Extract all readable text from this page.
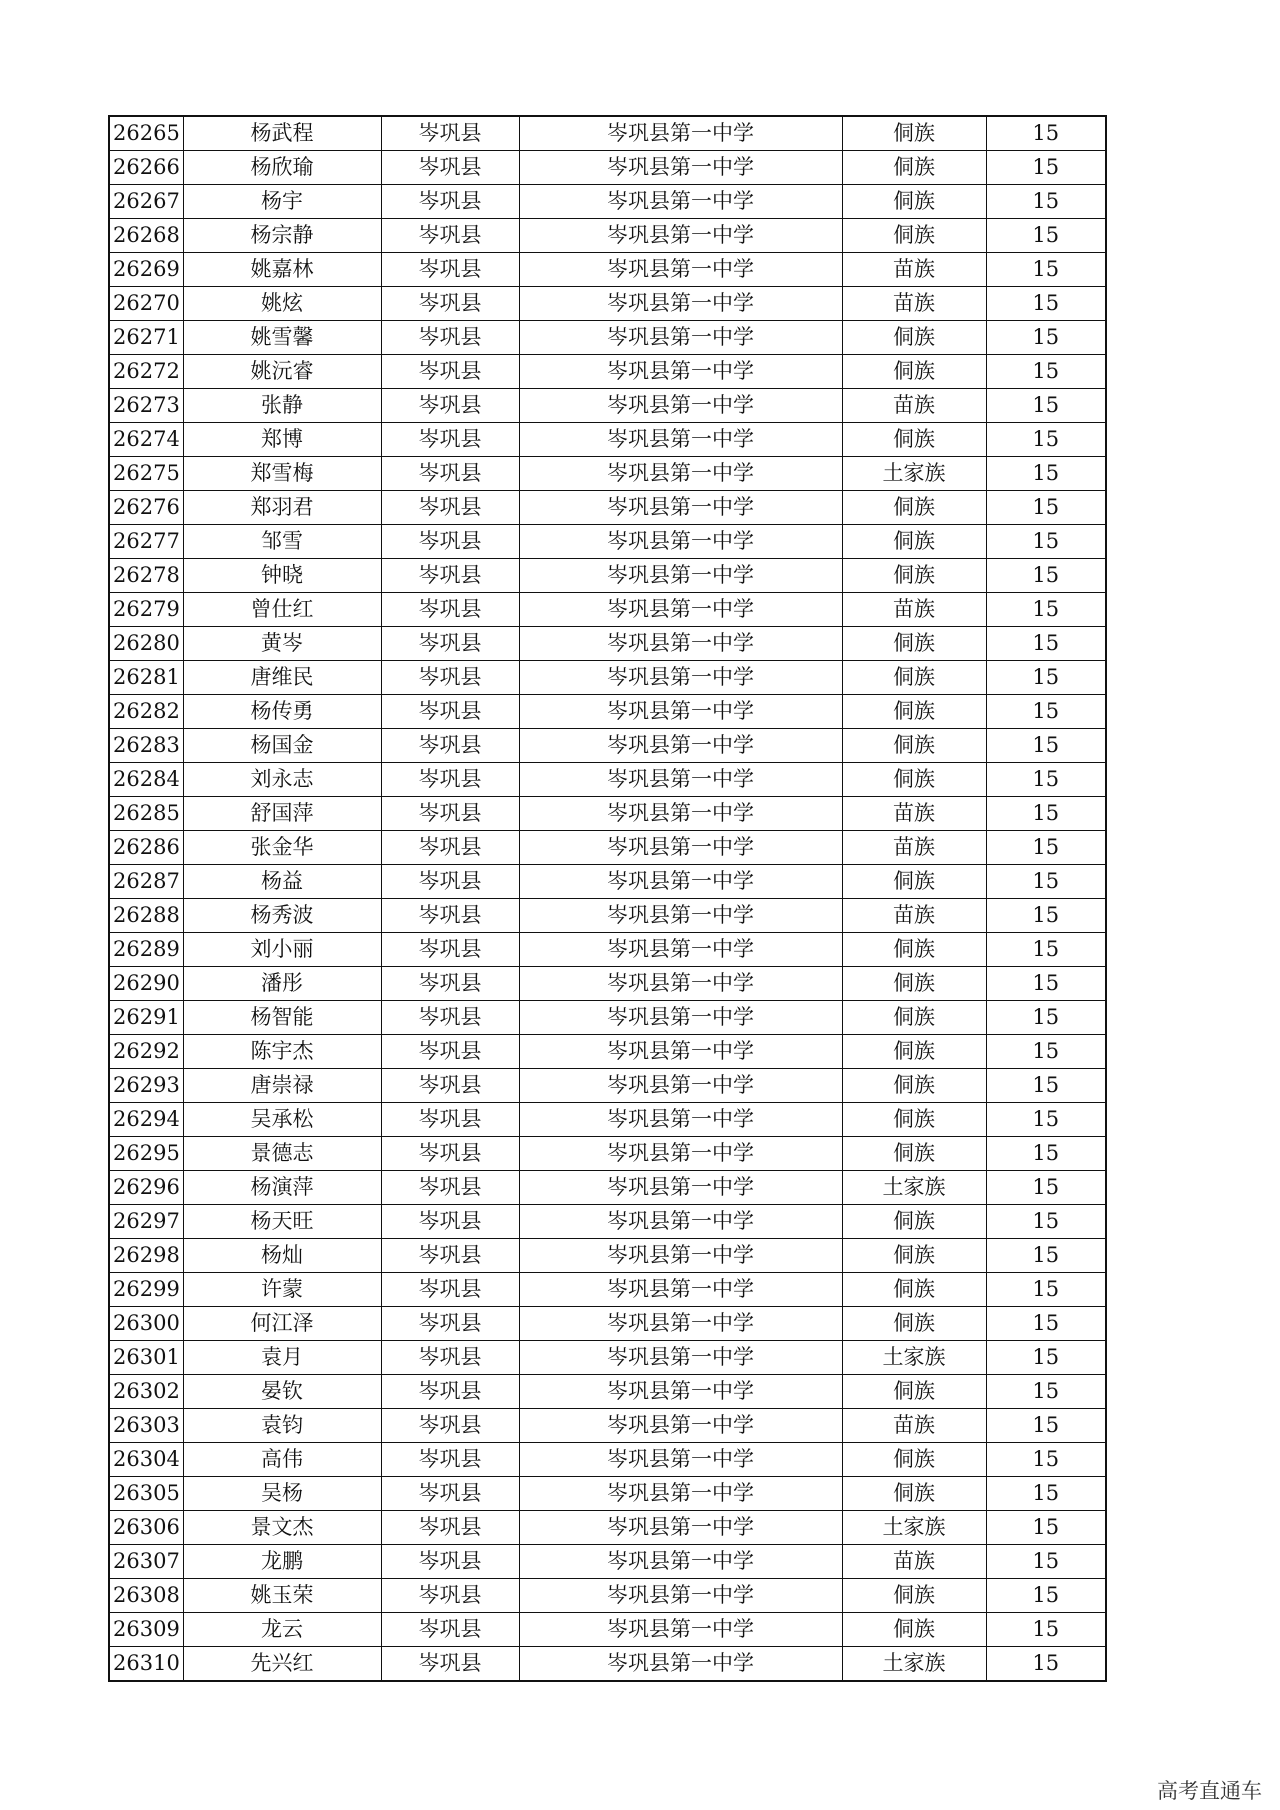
26265	杨武程	岑巩县	岑巩县第一中学	侗族	15
26266	杨欣瑜	岑巩县	岑巩县第一中学	侗族	15
26267	杨宇	岑巩县	岑巩县第一中学	侗族	15
26268	杨宗静	岑巩县	岑巩县第一中学	侗族	15
26269	姚嘉林	岑巩县	岑巩县第一中学	苗族	15
26270	姚炫	岑巩县	岑巩县第一中学	苗族	15
26271	姚雪馨	岑巩县	岑巩县第一中学	侗族	15
26272	姚沅睿	岑巩县	岑巩县第一中学	侗族	15
26273	张静	岑巩县	岑巩县第一中学	苗族	15
26274	郑博	岑巩县	岑巩县第一中学	侗族	15
26275	郑雪梅	岑巩县	岑巩县第一中学	土家族	15
26276	郑羽君	岑巩县	岑巩县第一中学	侗族	15
26277	邹雪	岑巩县	岑巩县第一中学	侗族	15
26278	钟晓	岑巩县	岑巩县第一中学	侗族	15
26279	曾仕红	岑巩县	岑巩县第一中学	苗族	15
26280	黄岑	岑巩县	岑巩县第一中学	侗族	15
26281	唐维民	岑巩县	岑巩县第一中学	侗族	15
26282	杨传勇	岑巩县	岑巩县第一中学	侗族	15
26283	杨国金	岑巩县	岑巩县第一中学	侗族	15
26284	刘永志	岑巩县	岑巩县第一中学	侗族	15
26285	舒国萍	岑巩县	岑巩县第一中学	苗族	15
26286	张金华	岑巩县	岑巩县第一中学	苗族	15
26287	杨益	岑巩县	岑巩县第一中学	侗族	15
26288	杨秀波	岑巩县	岑巩县第一中学	苗族	15
26289	刘小丽	岑巩县	岑巩县第一中学	侗族	15
26290	潘彤	岑巩县	岑巩县第一中学	侗族	15
26291	杨智能	岑巩县	岑巩县第一中学	侗族	15
26292	陈宇杰	岑巩县	岑巩县第一中学	侗族	15
26293	唐崇禄	岑巩县	岑巩县第一中学	侗族	15
26294	吴承松	岑巩县	岑巩县第一中学	侗族	15
26295	景德志	岑巩县	岑巩县第一中学	侗族	15
26296	杨演萍	岑巩县	岑巩县第一中学	土家族	15
26297	杨天旺	岑巩县	岑巩县第一中学	侗族	15
26298	杨灿	岑巩县	岑巩县第一中学	侗族	15
26299	许蒙	岑巩县	岑巩县第一中学	侗族	15
26300	何江泽	岑巩县	岑巩县第一中学	侗族	15
26301	袁月	岑巩县	岑巩县第一中学	土家族	15
26302	晏钦	岑巩县	岑巩县第一中学	侗族	15
26303	袁钧	岑巩县	岑巩县第一中学	苗族	15
26304	高伟	岑巩县	岑巩县第一中学	侗族	15
26305	吴杨	岑巩县	岑巩县第一中学	侗族	15
26306	景文杰	岑巩县	岑巩县第一中学	土家族	15
26307	龙鹏	岑巩县	岑巩县第一中学	苗族	15
26308	姚玉荣	岑巩县	岑巩县第一中学	侗族	15
26309	龙云	岑巩县	岑巩县第一中学	侗族	15
26310	先兴红	岑巩县	岑巩县第一中学	土家族	15
高考直通车
